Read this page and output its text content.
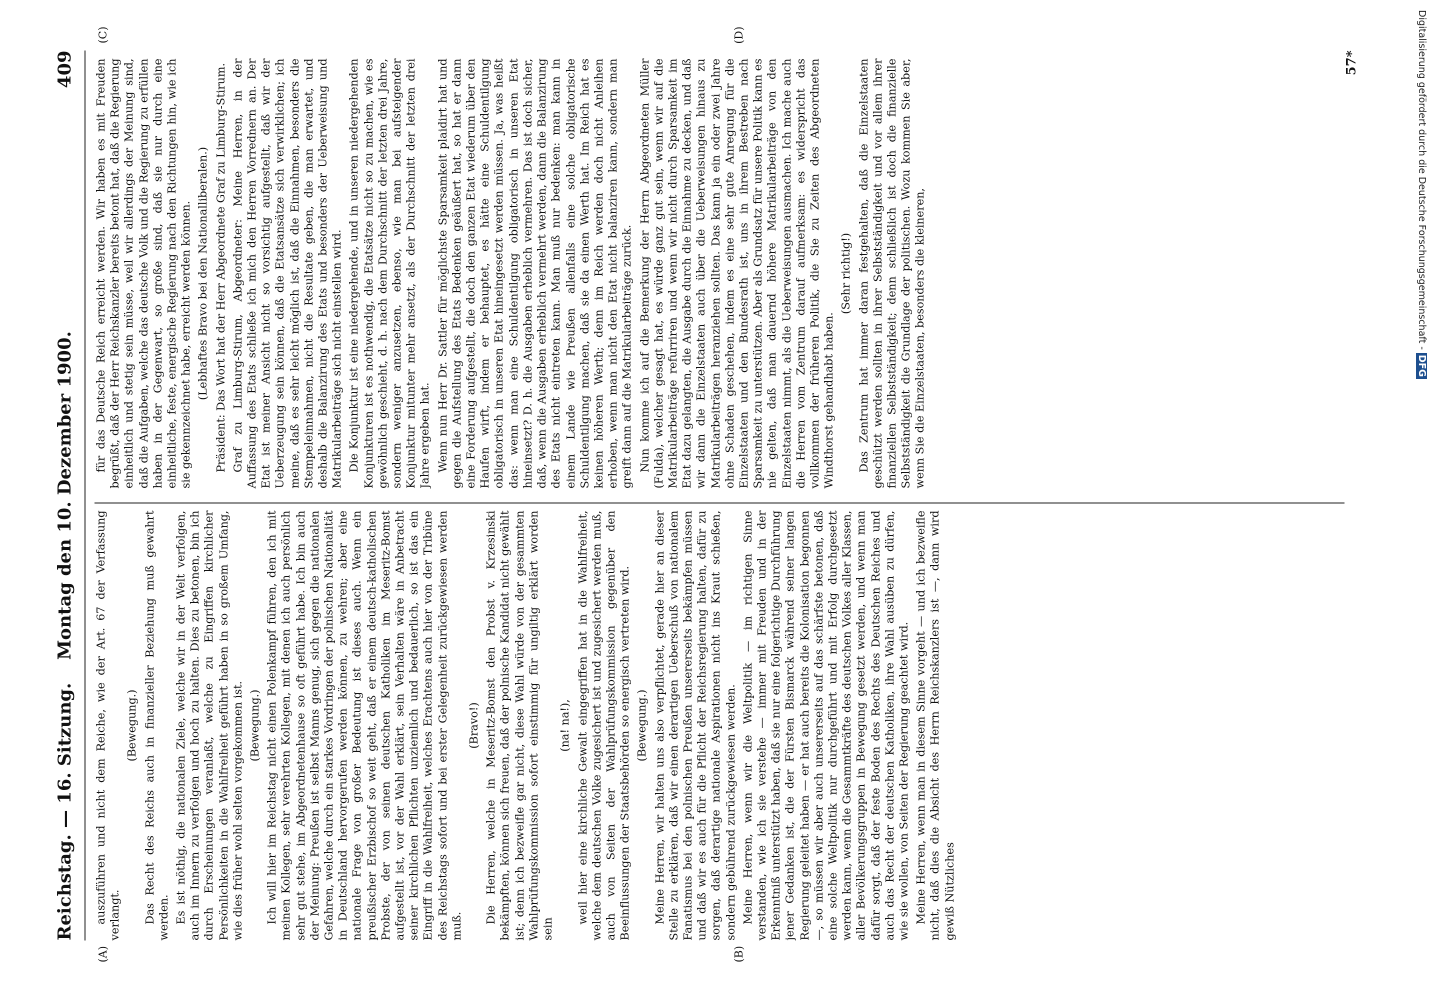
Reichstag. — 16. Sitzung.
Montag den 10. Dezember 1900.
409
(A)	(B)
(C)	(D)

auszuführen und nicht dem Reiche, wie der Art. 67 der Verfassung verlangt.

(Bewegung.) Das Recht des Reichs auch in finanzieller Beziehung muß gewahrt werden. Es ist nöthig, die nationalen Ziele, welche wir in der Welt verfolgen, auch im Innern zu verfolgen und hoch zu halten. Dies zu betonen, bin ich durch Erscheinungen veranlaßt, welche zu Eingriffen kirchlicher Persönlichkeiten in die Wahlfreiheit geführt haben in so großem Umfang, wie dies früher wohl selten vorgekommen ist. (Bewegung.) Ich will hier im Reichstag nicht einen Polenkampf führen, den ich mit meinen Kollegen, sehr verehrten Kollegen, mit denen ich auch persönlich sehr gut stehe, im Abgeordnetenhause so oft geführt habe. Ich bin auch der Meinung: Preußen ist selbst Manns genug, sich gegen die nationalen Gefahren, welche durch ein starkes Vordringen der polnischen Nationalität in Deutschland hervorgerufen werden können, zu wehren; aber eine nationale Frage von großer Bedeutung ist dieses auch. Wenn ein preußischer Erzbischof so weit geht, daß er einem deutsch-katholischen Probste, der von seinen deutschen Katholiken im Meseritz-Bomst aufgestellt ist, vor der Wahl erklärt, sein Verhalten wäre in Anbetracht seiner kirchlichen Pflichten unziemlich und bedauerlich, so ist das ein Eingriff in die Wahlfreiheit, welches Erachtens auch hier von der Tribüne des Reichstags sofort und bei erster Gelegenheit zurückgewiesen werden muß.

(Bravo!) Die Herren, welche in Meseritz-Bomst den Probst v. Krzesinski bekämpften, können sich freuen, daß der polnische Kandidat nicht gewählt ist; denn ich bezweifle gar nicht, diese Wahl würde von der gesammten Wahlprüfungskommission sofort einstimmig für ungiltig erklärt worden sein

(na! na!), weil hier eine kirchliche Gewalt eingegriffen hat in die Wahlfreiheit, welche dem deutschen Volke zugesichert ist und zugesichert werden muß, auch von Seiten der Wahlprüfungskommission gegenüber den Beeinflussungen der Staatsbehörden so energisch vertreten wird. (Bewegung.) Meine Herren, wir halten uns also verpflichtet, gerade hier an dieser Stelle zu erklären, daß wir einen derartigen Ueberschuß von nationalem Fanatismus bei den polnischen Preußen unsererseits bekämpfen müssen und daß wir es auch für die Pflicht der Reichsregierung halten, dafür zu sorgen, daß derartige nationale Aspirationen nicht ins Kraut schießen, sondern gebührend zurückgewiesen werden. Meine Herren, wenn wir die Weltpolitik — im richtigen Sinne verstanden, wie ich sie verstehe — immer mit Freuden und in der Erkenntniß unterstützt haben, daß sie nur eine folgerichtige Durchführung jener Gedanken ist, die der Fürsten Bismarck während seiner langen Regierung geleitet haben — er hat auch bereits die Kolonisation begonnen —, so müssen wir aber auch unsererseits auf das schärfste betonen, daß eine solche Weltpolitik nur durchgeführt und mit Erfolg durchgesetzt werden kann, wenn die Gesammtkräfte des deutschen Volkes aller Klassen, aller Bevölkerungsgruppen in Bewegung gesetzt werden, und wenn man dafür sorgt, daß der feste Boden des Rechts des Deutschen Reiches und auch das Recht der deutschen Katholiken, ihre Wahl ausüben zu dürfen, wie sie wollen, von Seiten der Regierung geachtet wird. Meine Herren, wenn man in diesem Sinne vorgeht — und ich bezweifle nicht, daß dies die Absicht des Herrn Reichskanzlers ist —, dann wird gewiß Nützliches

für das Deutsche Reich erreicht werden. Wir haben es mit Freuden begrüßt, daß der Herr Reichskanzler bereits betont hat, daß die Regierung einheitlich und stetig sein müsse, weil wir allerdings der Meinung sind, daß die Aufgaben, welche das deutsche Volk und die Regierung zu erfüllen haben in der Gegenwart, so große sind, daß sie nur durch eine einheitliche, feste, energische Regierung nach den Richtungen hin, wie ich sie gekennzeichnet habe, erreicht werden können. (Lebhaftes Bravo bei den Nationalliberalen.) Präsident: Das Wort hat der Herr Abgeordnete Graf zu Limburg-Stirum. Graf zu Limburg-Stirum, Abgeordneter: Meine Herren, in der Auffassung des Etats schließe ich mich den Herren Vorrednern an. Der Etat ist meiner Ansicht nicht so vorsichtig aufgestellt, daß wir der Ueberzeugung sein können, daß die Etatsansätze sich verwirklichen; ich meine, daß es sehr leicht möglich ist, daß die Einnahmen, besonders die Stempeleinnahmen, nicht die Resultate geben, die man erwartet, und deshalb die Balanzirung des Etats und besonders der Ueberweisung und Matrikularbeiträge sich nicht einstellen wird. Die Konjunktur ist eine niedergehende, und in unseren niedergehenden Konjunkturen ist es nothwendig, die Etatsätze nicht so zu machen, wie es gewöhnlich geschieht, d. h. nach dem Durchschnitt der letzten drei Jahre, sondern weniger anzusetzen, ebenso, wie man bei aufsteigender Konjunktur mitunter mehr ansetzt, als der Durchschnitt der letzten drei Jahre ergeben hat. Wenn nun Herr Dr. Sattler für möglichste Sparsamkeit plaidirt hat und gegen die Aufstellung des Etats Bedenken geäußert hat, so hat er dann eine Forderung aufgestellt, die doch den ganzen Etat wiederum über den Haufen wirft, indem er behauptet, es hätte eine Schuldentilgung obligatorisch in unseren Etat hineingesetzt werden müssen. Ja, was heißt das: wenn man eine Schuldentilgung obligatorisch in unseren Etat hineinsetzt? D. h. die Ausgaben erheblich vermehren. Das ist doch sicher, daß, wenn die Ausgaben erheblich vermehrt werden, dann die Balanzirung des Etats nicht eintreten kann. Man muß nur bedenken: man kann in einem Lande wie Preußen allenfalls eine solche obligatorische Schuldentilgung machen, daß sie da einen Werth hat. Im Reich hat es keinen höheren Werth; denn im Reich werden doch nicht Anleihen erhoben, wenn man nicht den Etat nicht balanziren kann, sondern man greift dann auf die Matrikularbeiträge zurück. Nun komme ich auf die Bemerkung der Herrn Abgeordneten Müller (Fulda), welcher gesagt hat, es würde ganz gut sein, wenn wir auf die Matrikularbeiträge refurriren und wenn wir nicht durch Sparsamkeit im Etat dazu gelangten, die Ausgabe durch die Einnahme zu decken, und daß wir dann die Einzelstaaten auch über die Ueberweisungen hinaus zu Matrikularbeiträgen heranziehen sollten. Das kann ja ein oder zwei Jahre ohne Schaden geschehen, indem es eine sehr gute Anregung für die Einzelstaaten und den Bundesrath ist, uns in ihrem Bestreben nach Sparsamkeit zu unterstützen. Aber als Grundsatz für unsere Politik kann es nie gelten, daß man dauernd höhere Matrikularbeiträge von den Einzelstaaten nimmt, als die Ueberweisungen ausmachen. Ich mache auch die Herren vom Zentrum darauf aufmerksam: es widerspricht das vollkommen der früheren Politik, die Sie zu Zeiten des Abgeordneten Windthorst gehandhabt haben.

(Sehr richtig!) Das Zentrum hat immer daran festgehalten, daß die Einzelstaaten geschützt werden sollten in ihrer Selbstständigkeit und vor allem ihrer finanziellen Selbstständigkeit; denn schließlich ist doch die finanzielle Selbstständigkeit die Grundlage der politischen. Wozu kommen Sie aber, wenn Sie die Einzelstaaten, besonders die kleineren,

57*	Digitalisierung gefördert durch die Deutsche Forschungsgemeinschaft - DFG
